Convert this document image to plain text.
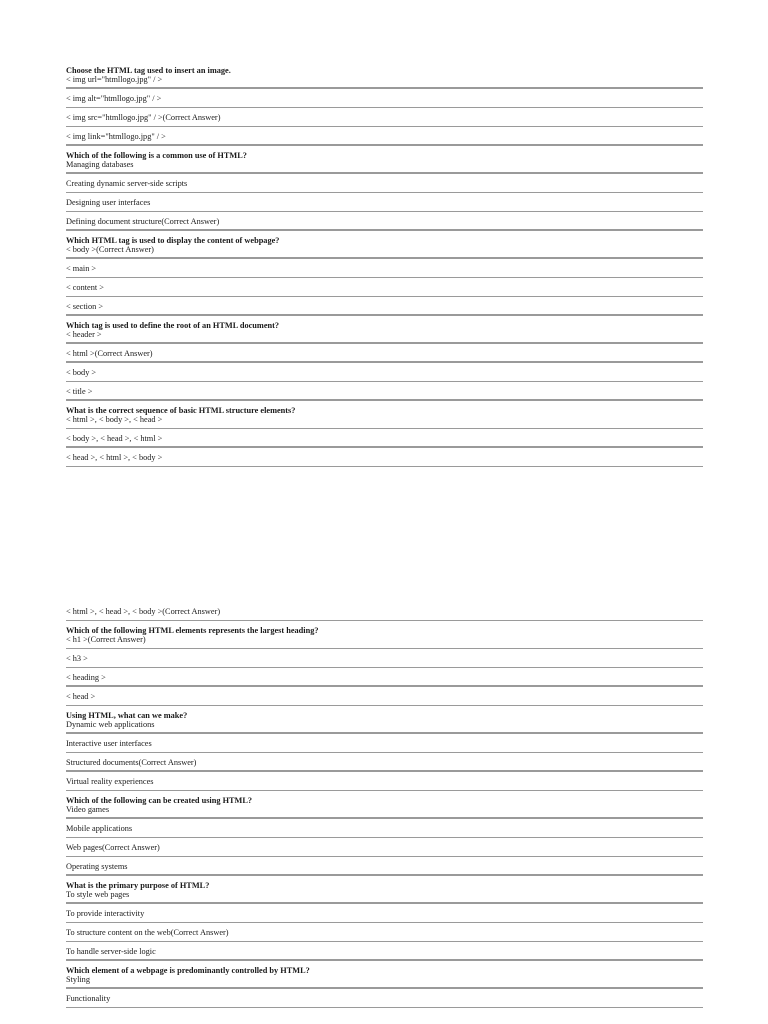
Choose the HTML tag used to insert an image.
< img url="htmllogo.jpg" / >
< img alt="htmllogo.jpg" / >
< img src="htmllogo.jpg" / >(Correct Answer)
< img link="htmllogo.jpg" / >
Which of the following is a common use of HTML?
Managing databases
Creating dynamic server-side scripts
Designing user interfaces
Defining document structure(Correct Answer)
Which HTML tag is used to display the content of webpage?
< body >(Correct Answer)
< main >
< content >
< section >
Which tag is used to define the root of an HTML document?
< header >
< html >(Correct Answer)
< body >
< title >
What is the correct sequence of basic HTML structure elements?
< html >, < body >, < head >
< body >, < head >, < html >
< head >, < html >, < body >
< html >, < head >, < body >(Correct Answer)
Which of the following HTML elements represents the largest heading?
< h1 >(Correct Answer)
< h3 >
< heading >
< head >
Using HTML, what can we make?
Dynamic web applications
Interactive user interfaces
Structured documents(Correct Answer)
Virtual reality experiences
Which of the following can be created using HTML?
Video games
Mobile applications
Web pages(Correct Answer)
Operating systems
What is the primary purpose of HTML?
To style web pages
To provide interactivity
To structure content on the web(Correct Answer)
To handle server-side logic
Which element of a webpage is predominantly controlled by HTML?
Styling
Functionality
